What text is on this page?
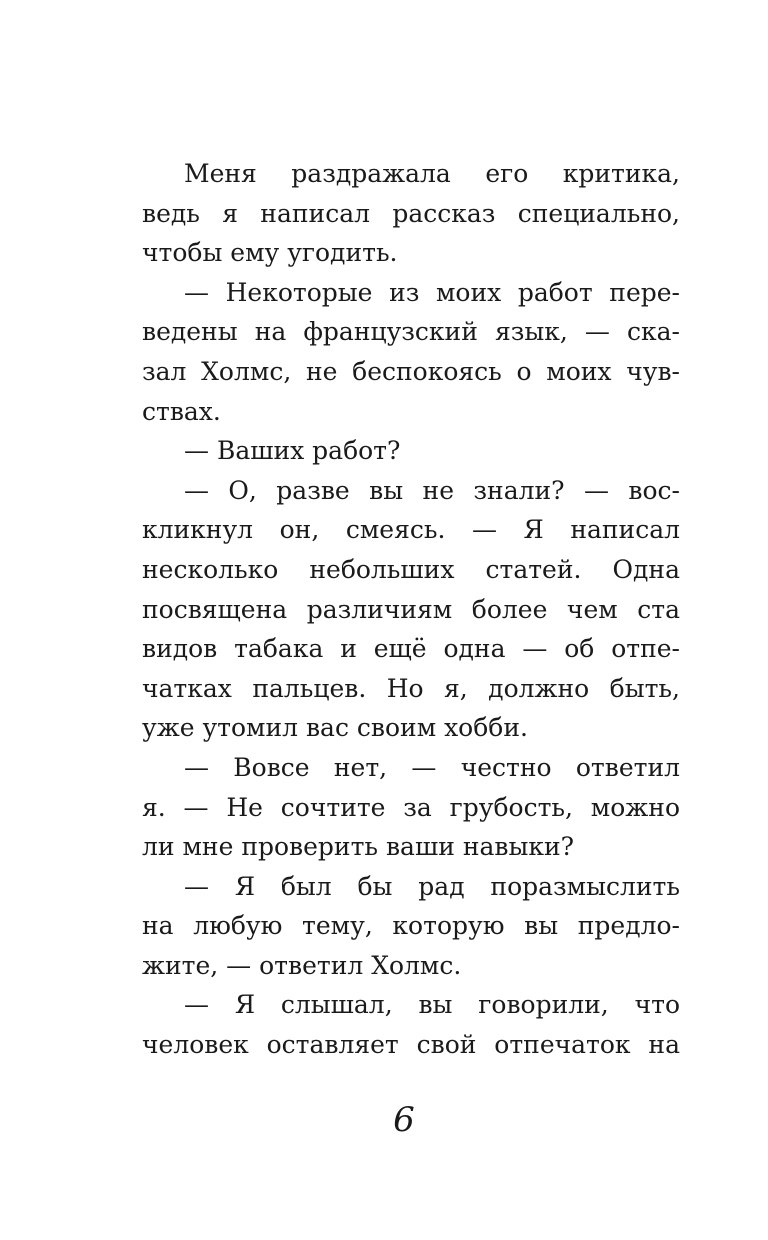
Меня раздражала его критика,
ведь я написал рассказ специально,
чтобы ему угодить.
— Некоторые из моих работ пере-
ведены на французский язык, — ска-
зал Холмс, не беспокоясь о моих чув-
ствах.
— Ваших работ?
— О, разве вы не знали? — вос-
кликнул он, смеясь. — Я написал
несколько небольших статей. Одна
посвящена различиям более чем ста
видов табака и ещё одна — об отпе-
чатках пальцев. Но я, должно быть,
уже утомил вас своим хобби.
— Вовсе нет, — честно ответил
я. — Не сочтите за грубость, можно
ли мне проверить ваши навыки?
— Я был бы рад поразмыслить
на любую тему, которую вы предло-
жите, — ответил Холмс.
— Я слышал, вы говорили, что
человек оставляет свой отпечаток на
6
